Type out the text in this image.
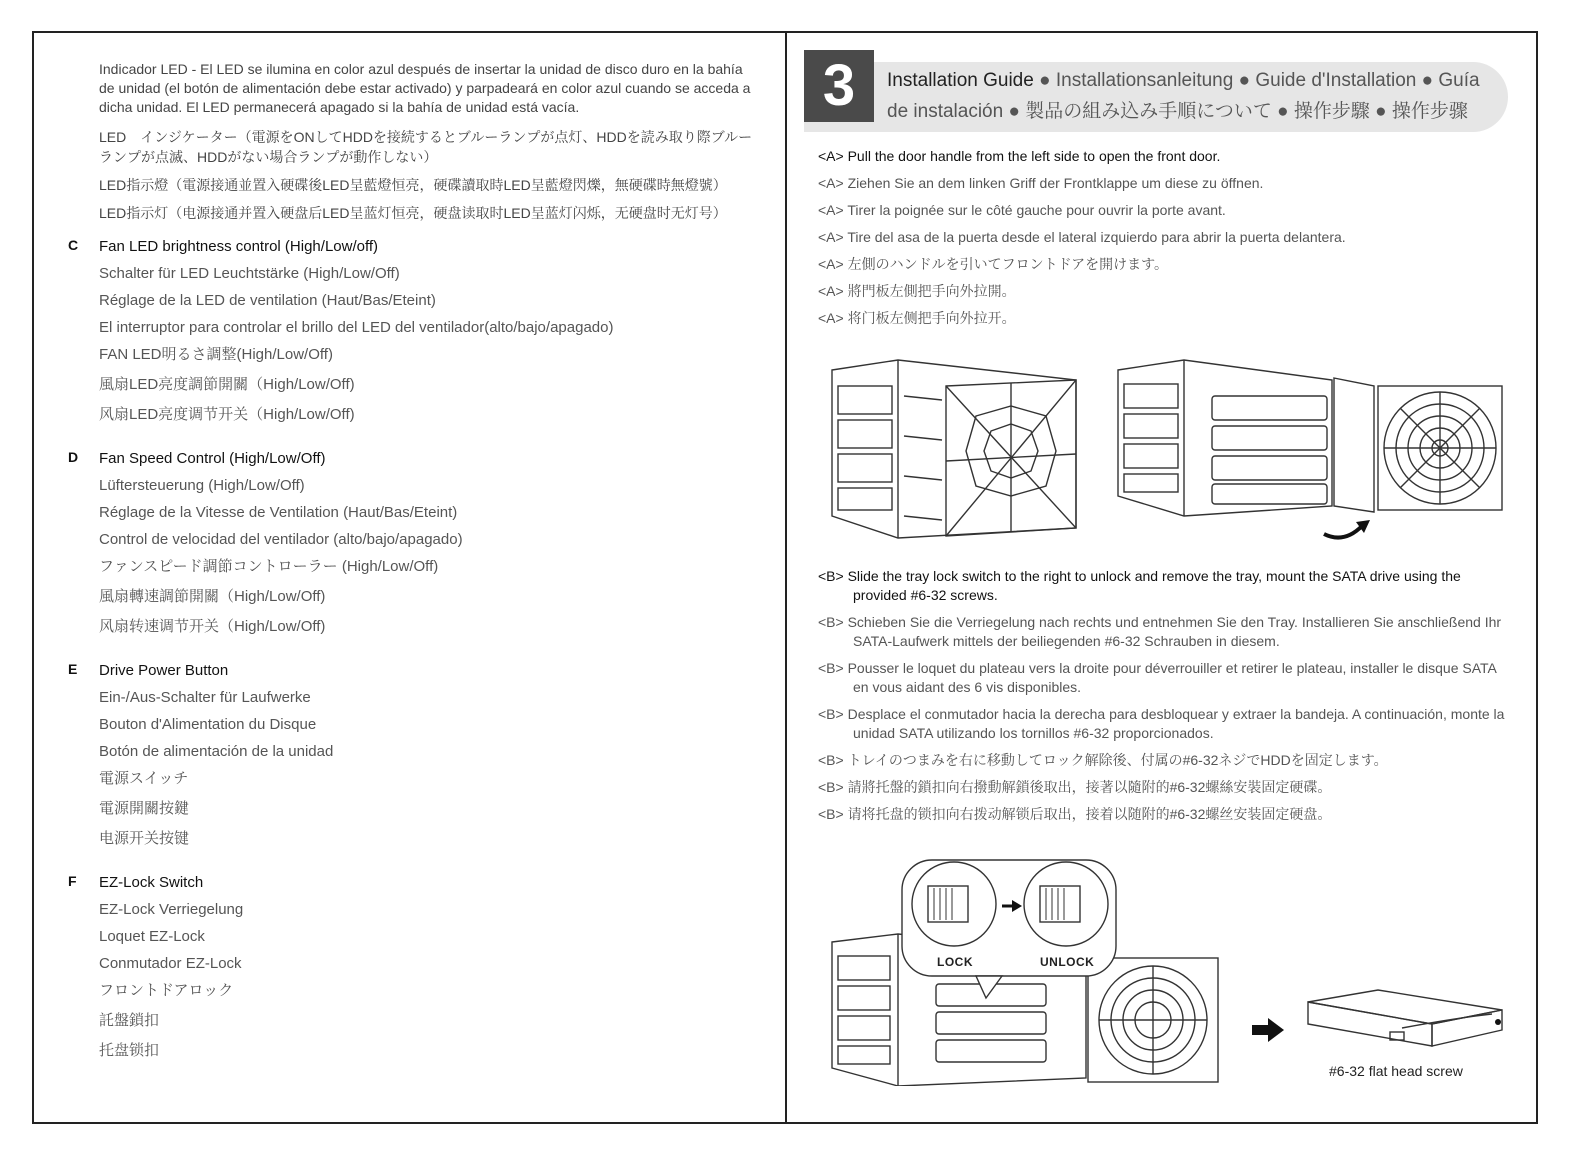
Indicador LED - El LED se ilumina en color azul después de insertar la unidad de disco duro en la bahía de unidad (el botón de alimentación debe estar activado) y parpadeará en color azul cuando se acceda a dicha unidad. El LED permanecerá apagado si la bahía de unidad está vacía.

LED　インジケーター（電源をONしてHDDを接続するとブルーランプが点灯、HDDを読み取り際ブルーランプが点滅、HDDがない場合ランプが動作しない）

LED指示燈（電源接通並置入硬碟後LED呈藍燈恒亮，硬碟讀取時LED呈藍燈閃爍，無硬碟時無燈號）

LED指示灯（电源接通并置入硬盘后LED呈蓝灯恒亮，硬盘读取时LED呈蓝灯闪烁，无硬盘时无灯号）

C Fan LED brightness control (High/Low/off)
Schalter für LED Leuchtstärke (High/Low/Off)
Réglage de la LED de ventilation (Haut/Bas/Eteint)
El interruptor para controlar el brillo del LED del ventilador(alto/bajo/apagado)
FAN LED明るさ調整(High/Low/Off)
風扇LED亮度調節開關（High/Low/Off)
风扇LED亮度调节开关（High/Low/Off)
D Fan Speed Control (High/Low/Off)
Lüftersteuerung (High/Low/Off)
Réglage de la Vitesse de Ventilation (Haut/Bas/Eteint)
Control de velocidad del ventilador (alto/bajo/apagado)
ファンスピード調節コントローラー (High/Low/Off)
風扇轉速調節開關（High/Low/Off)
风扇转速调节开关（High/Low/Off)
E Drive Power Button
Ein-/Aus-Schalter für Laufwerke
Bouton d'Alimentation du Disque
Botón de alimentación de la unidad
電源スイッチ
電源開關按鍵
电源开关按键
F EZ-Lock Switch
EZ-Lock Verriegelung
Loquet EZ-Lock
Conmutador EZ-Lock
フロントドアロック
託盤鎖扣
托盘锁扣
3	Installation Guide ● Installationsanleitung ● Guide d'Installation ● Guía de instalación ● 製品の組み込み手順について ● 操作步驟 ● 操作步骤
<A> Pull the door handle from the left side to open the front door.
<A> Ziehen Sie an dem linken Griff der Frontklappe um diese zu öffnen.
<A> Tirer la poignée sur le côté gauche pour ouvrir la porte avant.
<A> Tire del asa de la puerta desde el lateral izquierdo para abrir la puerta delantera.
<A> 左側のハンドルを引いてフロントドアを開けます。
<A> 將門板左側把手向外拉開。
<A> 将门板左侧把手向外拉开。
<B> Slide the tray lock switch to the right to unlock and remove the tray, mount the SATA drive using the provided #6-32 screws.
<B> Schieben Sie die Verriegelung nach rechts und entnehmen Sie den Tray. Installieren Sie anschließend Ihr SATA-Laufwerk mittels der beiliegenden #6-32 Schrauben in diesem.
<B> Pousser le loquet du plateau vers la droite pour déverrouiller et retirer le plateau, installer le disque SATA en vous aidant des 6 vis disponibles.
<B> Desplace el conmutador hacia la derecha para desbloquear y extraer la bandeja. A continuación, monte la unidad SATA utilizando los tornillos #6-32 proporcionados.
<B> トレイのつまみを右に移動してロック解除後、付属の#6-32ネジでHDDを固定します。
<B> 請將托盤的鎖扣向右撥動解鎖後取出，接著以隨附的#6-32螺絲安裝固定硬碟。
<B> 请将托盘的锁扣向右拨动解锁后取出，接着以随附的#6-32螺丝安装固定硬盘。
LOCK	UNLOCK
#6-32 flat head screw
